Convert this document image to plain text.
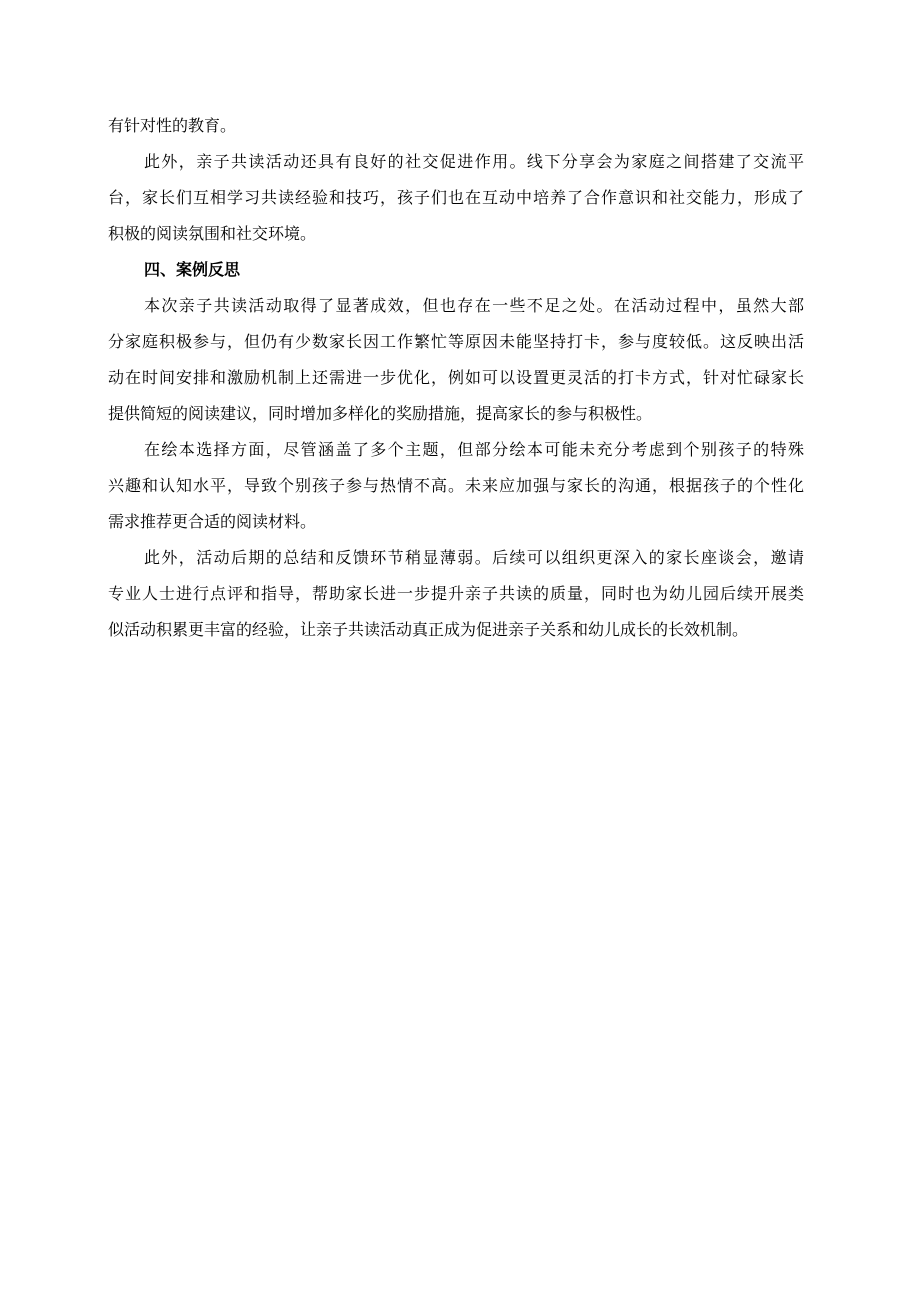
有针对性的教育。
此外，亲子共读活动还具有良好的社交促进作用。线下分享会为家庭之间搭建了交流平
台，家长们互相学习共读经验和技巧，孩子们也在互动中培养了合作意识和社交能力，形成了
积极的阅读氛围和社交环境。
四、案例反思
本次亲子共读活动取得了显著成效，但也存在一些不足之处。在活动过程中，虽然大部
分家庭积极参与，但仍有少数家长因工作繁忙等原因未能坚持打卡，参与度较低。这反映出活
动在时间安排和激励机制上还需进一步优化，例如可以设置更灵活的打卡方式，针对忙碌家长
提供简短的阅读建议，同时增加多样化的奖励措施，提高家长的参与积极性。
在绘本选择方面，尽管涵盖了多个主题，但部分绘本可能未充分考虑到个别孩子的特殊
兴趣和认知水平，导致个别孩子参与热情不高。未来应加强与家长的沟通，根据孩子的个性化
需求推荐更合适的阅读材料。
此外，活动后期的总结和反馈环节稍显薄弱。后续可以组织更深入的家长座谈会，邀请
专业人士进行点评和指导，帮助家长进一步提升亲子共读的质量，同时也为幼儿园后续开展类
似活动积累更丰富的经验，让亲子共读活动真正成为促进亲子关系和幼儿成长的长效机制。
